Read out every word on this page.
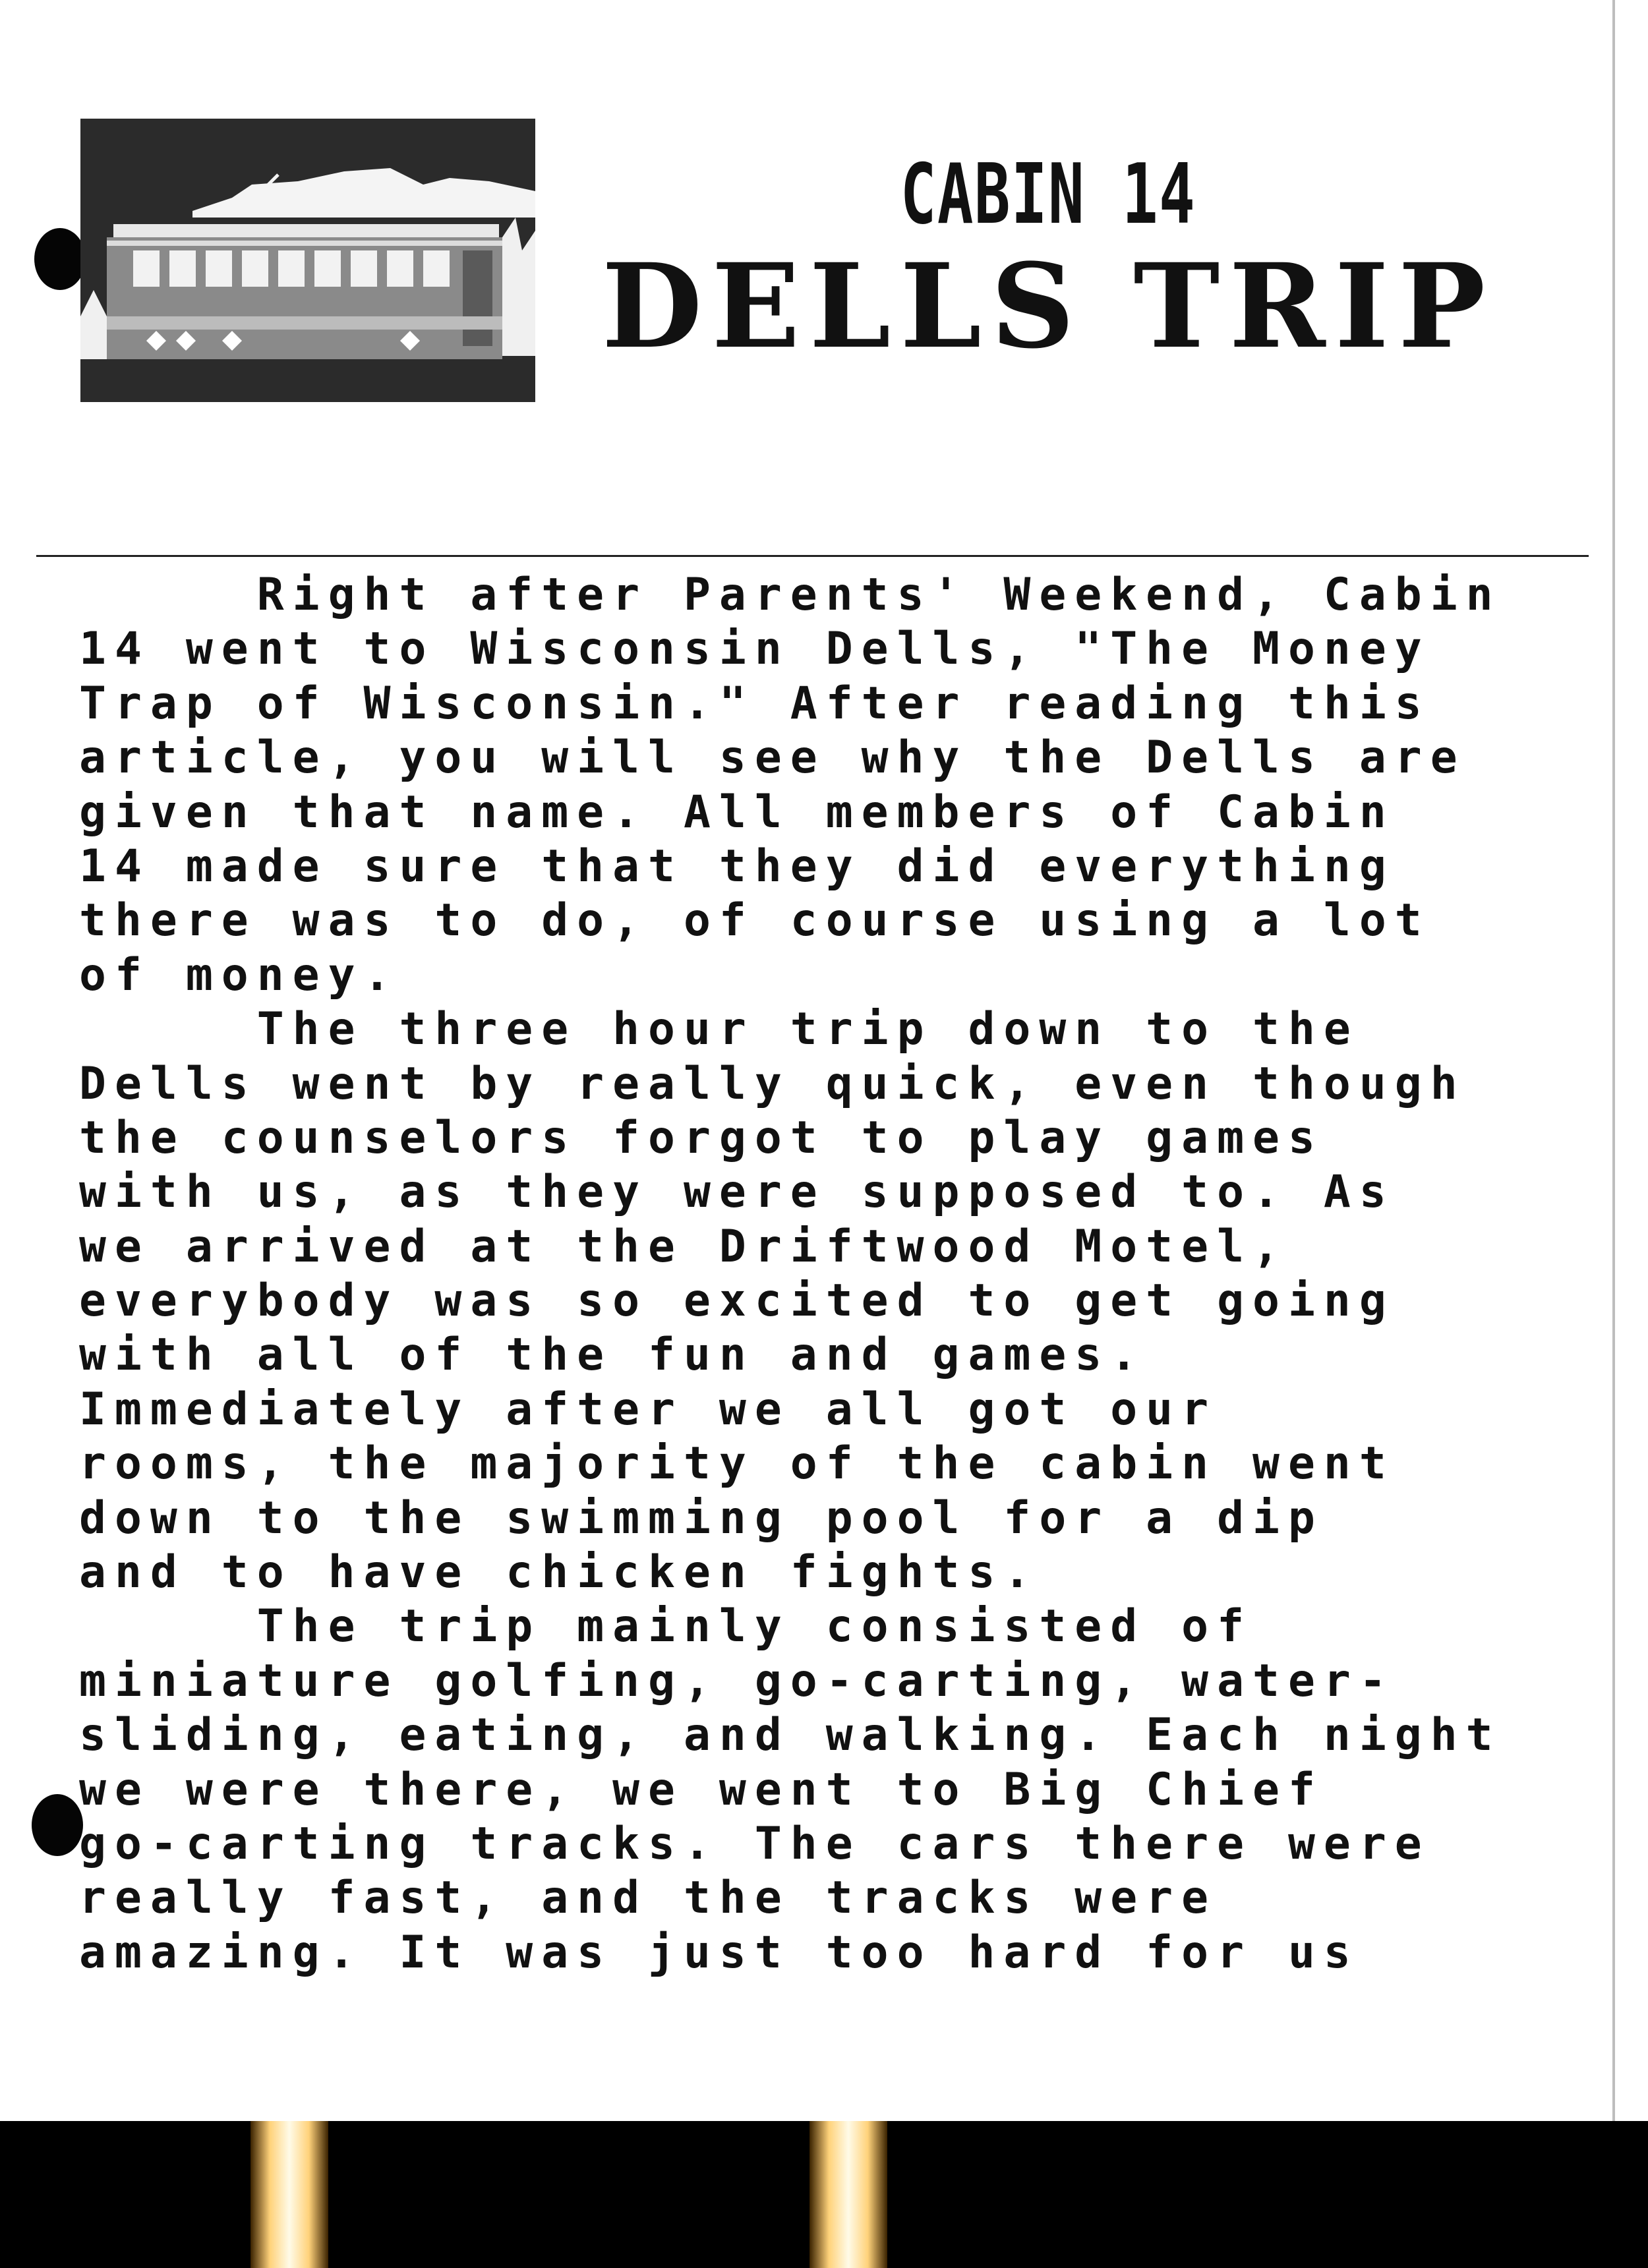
CABIN 14
DELLS TRIP
Right after Parents' Weekend, Cabin
14 went to Wisconsin Dells, "The Money
Trap of Wisconsin." After reading this
article, you will see why the Dells are
given that name. All members of Cabin
14 made sure that they did everything
there was to do, of course using a lot
of money.
The three hour trip down to the
Dells went by really quick, even though
the counselors forgot to play games
with us, as they were supposed to. As
we arrived at the Driftwood Motel,
everybody was so excited to get going
with all of the fun and games.
Immediately after we all got our
rooms, the majority of the cabin went
down to the swimming pool for a dip
and to have chicken fights.
The trip mainly consisted of
miniature golfing, go-carting, water-
sliding, eating, and walking. Each night
we were there, we went to Big Chief
go-carting tracks. The cars there were
really fast, and the tracks were
amazing. It was just too hard for us
